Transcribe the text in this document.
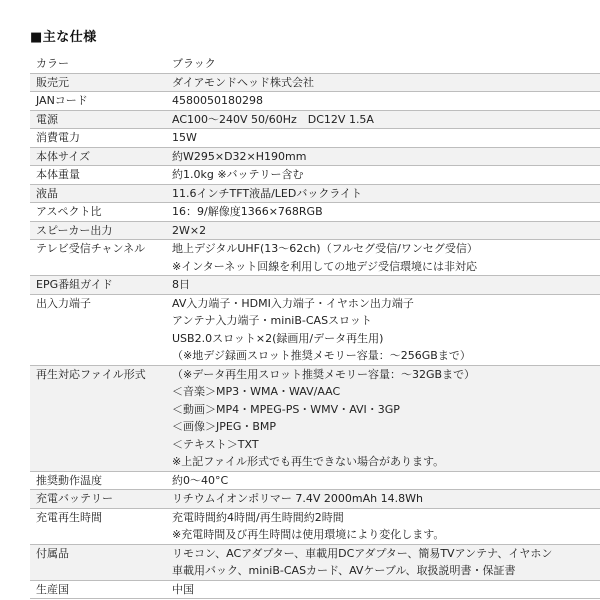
■主な仕様
カラー	ブラック
販売元	ダイアモンドヘッド株式会社
JANコード	4580050180298
電源	AC100〜240V 50/60Hz　DC12V 1.5A
消費電力	15W
本体サイズ	約W295×D32×H190mm
本体重量	約1.0kg ※バッテリー含む
液晶	11.6インチTFT液晶/LEDバックライト
アスペクト比	16：9/解像度1366×768RGB
スピーカー出力	2W×2
テレビ受信チャンネル	地上デジタルUHF(13〜62ch)（フルセグ受信/ワンセグ受信）
※インターネット回線を利用しての地デジ受信環境には非対応
EPG番組ガイド	8日
出入力端子	AV入力端子・HDMI入力端子・イヤホン出力端子
アンテナ入力端子・miniB-CASスロット
USB2.0スロット×2(録画用/データ再生用)
（※地デジ録画スロット推奨メモリー容量：〜256GBまで）
再生対応ファイル形式	（※データ再生用スロット推奨メモリー容量：〜32GBまで）
＜音楽＞MP3・WMA・WAV/AAC
＜動画＞MP4・MPEG-PS・WMV・AVI・3GP
＜画像＞JPEG・BMP
＜テキスト＞TXT
※上記ファイル形式でも再生できない場合があります。
推奨動作温度	約0〜40°C
充電バッテリー	リチウムイオンポリマー 7.4V 2000mAh 14.8Wh
充電再生時間	充電時間約4時間/再生時間約2時間
※充電時間及び再生時間は使用環境により変化します。
付属品	リモコン、ACアダプター、車載用DCアダプター、簡易TVアンテナ、イヤホン
車載用バック、miniB-CASカード、AVケーブル、取扱説明書・保証書
生産国	中国
